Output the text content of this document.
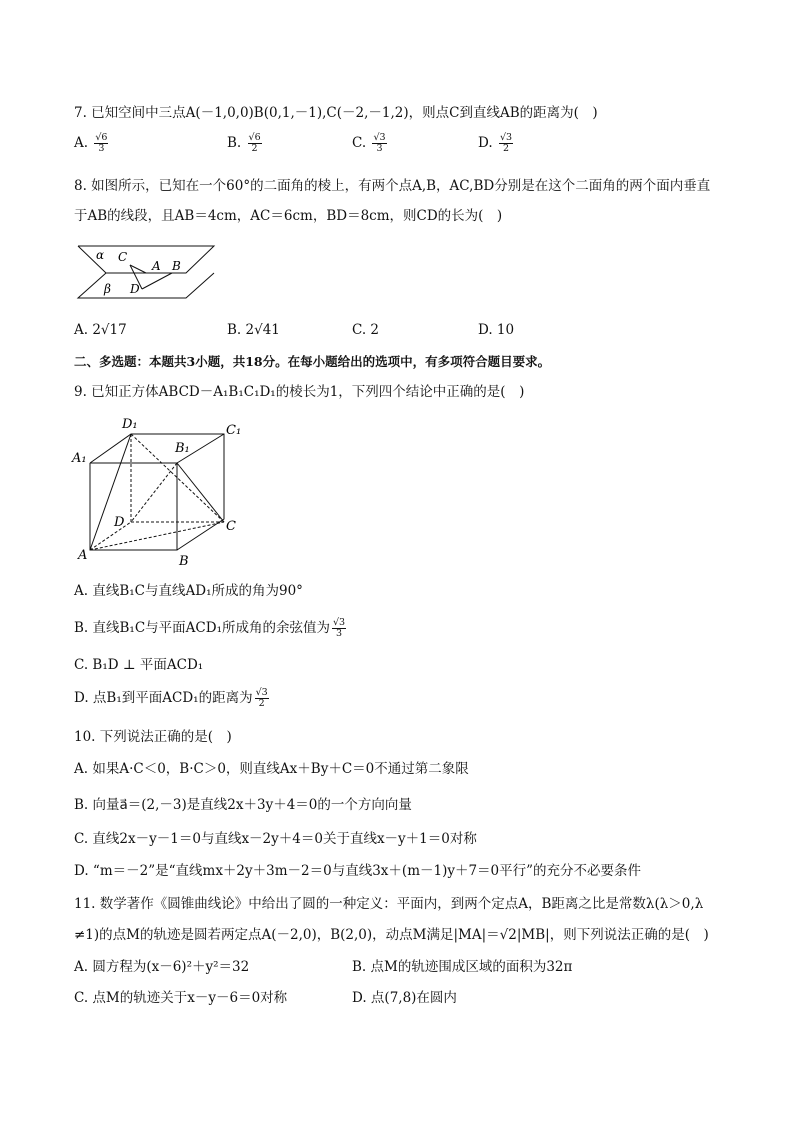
7. 已知空间中三点A(－1,0,0)B(0,1,－1),C(－2,－1,2)，则点C到直线AB的距离为(　)
A. $\frac{√6}{3}$	B. $\frac{√6}{2}$	C. $\frac{√3}{3}$	D. $\frac{√3}{2}$
8. 如图所示，已知在一个60°的二面角的棱上，有两个点A,B，AC,BD分别是在这个二面角的两个面内垂直
于AB的线段，且AB＝4cm，AC＝6cm，BD＝8cm，则CD的长为(　)
α C
A B
β D
A. 2√17	B. 2√41	C. 2	D. 10
二、多选题：本题共3小题，共18分。在每小题给出的选项中，有多项符合题目要求。
9. 已知正方体ABCD－A₁B₁C₁D₁的棱长为1，下列四个结论中正确的是(　)
D₁	C₁
B₁
A₁
D	C
A	B
A. 直线B₁C与直线AD₁所成的角为90°
B. 直线B₁C与平面ACD₁所成角的余弦值为 $\frac{√3}{3}$
C. B₁D ⊥ 平面ACD₁
D. 点B₁到平面ACD₁的距离为 $\frac{√3}{2}$
10. 下列说法正确的是(　)
A. 如果A·C＜0，B·C＞0，则直线Ax＋By＋C＝0不通过第二象限
B. 向量a⃗＝(2,－3)是直线2x＋3y＋4＝0的一个方向向量
C. 直线2x－y－1＝0与直线x－2y＋4＝0关于直线x－y＋1＝0对称
D. “m＝－2”是“直线mx＋2y＋3m－2＝0与直线3x＋(m－1)y＋7＝0平行”的充分不必要条件
11. 数学著作《圆锥曲线论》中给出了圆的一种定义：平面内，到两个定点A，B距离之比是常数λ(λ＞0,λ
≠1)的点M的轨迹是圆若两定点A(－2,0)，B(2,0)，动点M满足|MA|＝√2|MB|，则下列说法正确的是(　)
A. 圆方程为(x－6)²＋y²＝32	B. 点M的轨迹围成区域的面积为32π
C. 点M的轨迹关于x－y－6＝0对称	D. 点(7,8)在圆内
